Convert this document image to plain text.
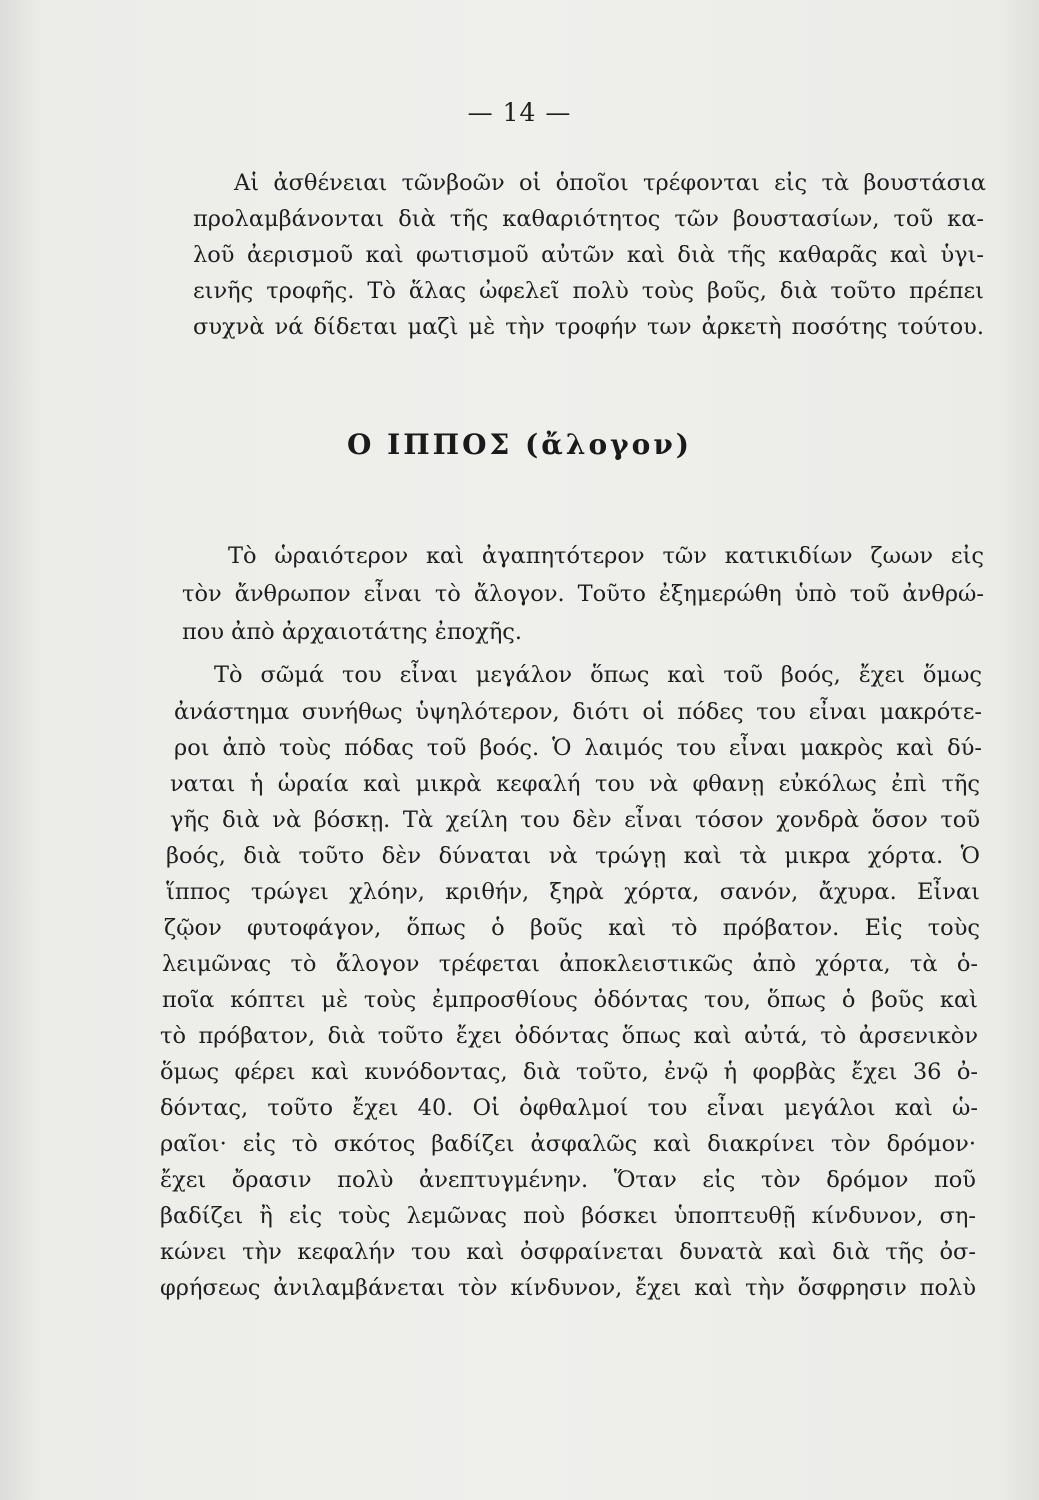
— 14 —
Αἱ ἀσθένειαι τῶνβοῶν οἱ ὁποῖοι τρέφονται εἰς τὰ βουστάσια
προλαμβάνονται διὰ τῆς καθαριότητος τῶν βουστασίων, τοῦ κα-
λοῦ ἀερισμοῦ καὶ φωτισμοῦ αὐτῶν καὶ διὰ τῆς καθαρᾶς καὶ ὑγι-
εινῆς τροφῆς. Τὸ ἅλας ὠφελεῖ πολὺ τοὺς βοῦς, διὰ τοῦτο πρέπει
συχνὰ νά δίδεται μαζὶ μὲ τὴν τροφήν των ἀρκετὴ ποσότης τούτου.
Ο ΙΠΠΟΣ (ἄλογον)
Τὸ ὡραιότερον καὶ ἀγαπητότερον τῶν κατικιδίων ζωων εἰς
τὸν ἄνθρωπον εἶναι τὸ ἄλογον. Τοῦτο ἐξημερώθη ὑπὸ τοῦ ἀνθρώ-
που ἀπὸ ἀρχαιοτάτης ἐποχῆς.
Τὸ σῶμά του εἶναι μεγάλον ὅπως καὶ τοῦ βοός, ἔχει ὅμως
ἀνάστημα συνήθως ὑψηλότερον, διότι οἱ πόδες του εἶναι μακρότε-
ροι ἀπὸ τοὺς πόδας τοῦ βοός. Ὁ λαιμός του εἶναι μακρὸς καὶ δύ-
ναται ἡ ὡραία καὶ μικρὰ κεφαλή του νὰ φθανῃ εὐκόλως ἐπὶ τῆς
γῆς διὰ νὰ βόσκῃ. Τὰ χείλη του δὲν εἶναι τόσον χονδρὰ ὅσον τοῦ
βοός, διὰ τοῦτο δὲν δύναται νὰ τρώγῃ καὶ τὰ μικρα χόρτα. Ὁ
ἵππος τρώγει χλόην, κριθήν, ξηρὰ χόρτα, σανόν, ἄχυρα. Εἶναι
ζῷον φυτοφάγον, ὅπως ὁ βοῦς καὶ τὸ πρόβατον. Εἰς τοὺς
λειμῶνας τὸ ἄλογον τρέφεται ἀποκλειστικῶς ἀπὸ χόρτα, τὰ ὁ-
ποῖα κόπτει μὲ τοὺς ἐμπροσθίους ὀδόντας του, ὅπως ὁ βοῦς καὶ
τὸ πρόβατον, διὰ τοῦτο ἔχει ὀδόντας ὅπως καὶ αὐτά, τὸ ἀρσενικὸν
ὅμως φέρει καὶ κυνόδοντας, διὰ τοῦτο, ἐνῷ ἡ φορβὰς ἔχει 36 ὀ-
δόντας, τοῦτο ἔχει 40. Οἱ ὀφθαλμοί του εἶναι μεγάλοι καὶ ὡ-
ραῖοι· εἰς τὸ σκότος βαδίζει ἀσφαλῶς καὶ διακρίνει τὸν δρόμον·
ἔχει ὄρασιν πολὺ ἀνεπτυγμένην. Ὅταν εἰς τὸν δρόμον ποῦ
βαδίζει ἢ εἰς τοὺς λεμῶνας ποὺ βόσκει ὑποπτευθῇ κίνδυνον, ση-
κώνει τὴν κεφαλήν του καὶ ὀσφραίνεται δυνατὰ καὶ διὰ τῆς ὀσ-
φρήσεως ἀνιλαμβάνεται τὸν κίνδυνον, ἔχει καὶ τὴν ὄσφρησιν πολὺ
